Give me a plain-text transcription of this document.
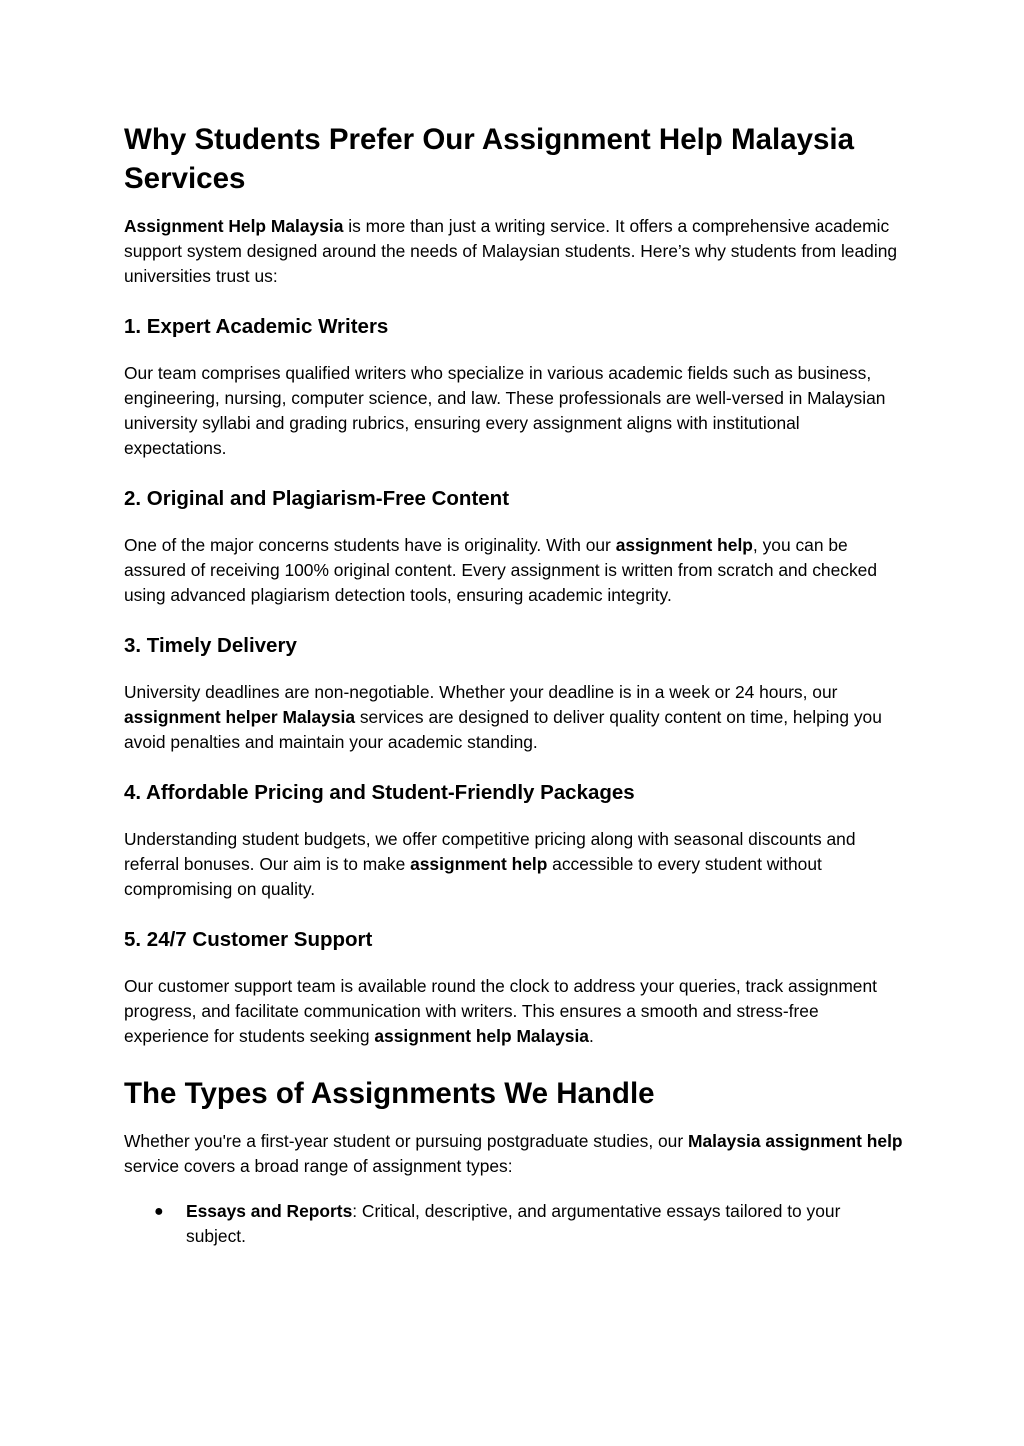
Why Students Prefer Our Assignment Help Malaysia Services

Assignment Help Malaysia is more than just a writing service. It offers a comprehensive academic support system designed around the needs of Malaysian students. Here’s why students from leading universities trust us:

1. Expert Academic Writers

Our team comprises qualified writers who specialize in various academic fields such as business, engineering, nursing, computer science, and law. These professionals are well-versed in Malaysian university syllabi and grading rubrics, ensuring every assignment aligns with institutional expectations.

2. Original and Plagiarism-Free Content

One of the major concerns students have is originality. With our assignment help, you can be assured of receiving 100% original content. Every assignment is written from scratch and checked using advanced plagiarism detection tools, ensuring academic integrity.

3. Timely Delivery

University deadlines are non-negotiable. Whether your deadline is in a week or 24 hours, our assignment helper Malaysia services are designed to deliver quality content on time, helping you avoid penalties and maintain your academic standing.

4. Affordable Pricing and Student-Friendly Packages

Understanding student budgets, we offer competitive pricing along with seasonal discounts and referral bonuses. Our aim is to make assignment help accessible to every student without compromising on quality.

5. 24/7 Customer Support

Our customer support team is available round the clock to address your queries, track assignment progress, and facilitate communication with writers. This ensures a smooth and stress-free experience for students seeking assignment help Malaysia.

The Types of Assignments We Handle

Whether you're a first-year student or pursuing postgraduate studies, our Malaysia assignment help service covers a broad range of assignment types:

● Essays and Reports: Critical, descriptive, and argumentative essays tailored to your subject.
